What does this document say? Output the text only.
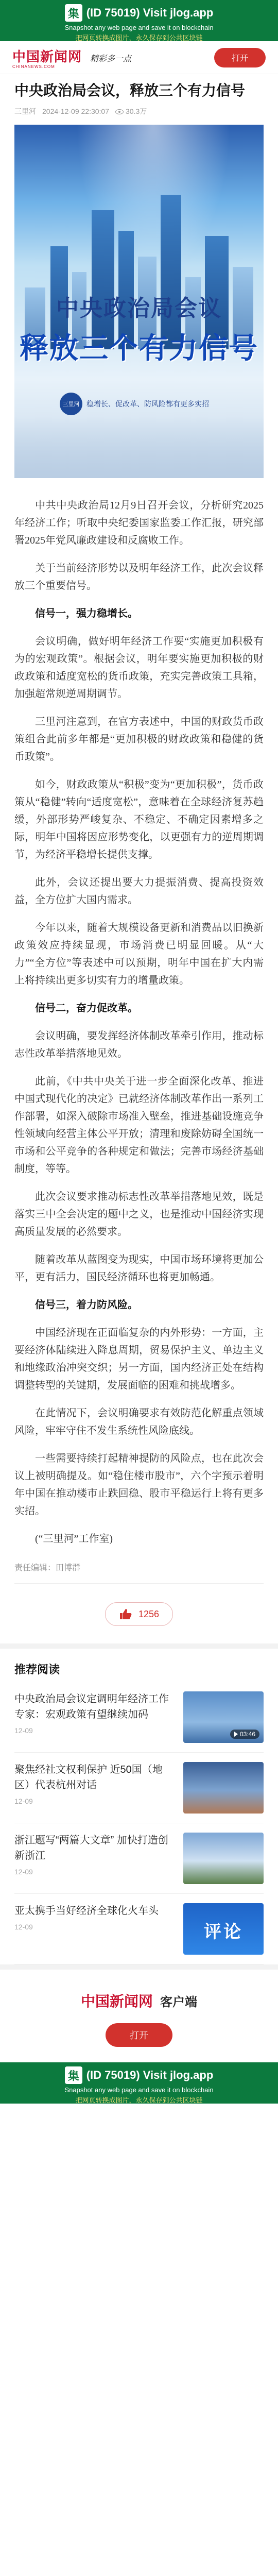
集 (ID 75019) Visit jlog.app
Snapshot any web page and save it on blockchain
把网页转换成图片，永久保存到公共区块链
中国新闻网
CHINANEWS.COM
精彩多一点	打开
中央政治局会议，释放三个有力信号
三里河 2024-12-09 22:30:07	30.3万
中央政治局会议
释放三个有力信号
三里河 稳增长、促改革、防风险都有更多实招

中共中央政治局12月9日召开会议，分析研究2025年经济工作；听取中央纪委国家监委工作汇报，研究部署2025年党风廉政建设和反腐败工作。

关于当前经济形势以及明年经济工作，此次会议释放三个重要信号。

信号一，强力稳增长。

会议明确，做好明年经济工作要“实施更加积极有为的宏观政策”。根据会议，明年要实施更加积极的财政政策和适度宽松的货币政策，充实完善政策工具箱，加强超常规逆周期调节。

三里河注意到，在官方表述中，中国的财政货币政策组合此前多年都是“更加积极的财政政策和稳健的货币政策”。

如今，财政政策从“积极”变为“更加积极”，货币政策从“稳健”转向“适度宽松”，意味着在全球经济复苏趋缓，外部形势严峻复杂、不稳定、不确定因素增多之际，明年中国将因应形势变化，以更强有力的逆周期调节，为经济平稳增长提供支撑。

此外，会议还提出要大力提振消费、提高投资效益，全方位扩大国内需求。

今年以来，随着大规模设备更新和消费品以旧换新政策效应持续显现，市场消费已明显回暖。从“大力”“全方位”等表述中可以预期，明年中国在扩大内需上将持续出更多切实有力的增量政策。

信号二，奋力促改革。

会议明确，要发挥经济体制改革牵引作用，推动标志性改革举措落地见效。

此前，《中共中央关于进一步全面深化改革、推进中国式现代化的决定》已就经济体制改革作出一系列工作部署，如深入破除市场准入壁垒，推进基础设施竞争性领域向经营主体公平开放；清理和废除妨碍全国统一市场和公平竞争的各种规定和做法；完善市场经济基础制度，等等。

此次会议要求推动标志性改革举措落地见效，既是落实三中全会决定的题中之义，也是推动中国经济实现高质量发展的必然要求。

随着改革从蓝图变为现实，中国市场环境将更加公平，更有活力，国民经济循环也将更加畅通。

信号三，着力防风险。

中国经济现在正面临复杂的内外形势：一方面，主要经济体陆续进入降息周期，贸易保护主义、单边主义和地缘政治冲突交织；另一方面，国内经济正处在结构调整转型的关键期，发展面临的困难和挑战增多。

在此情况下，会议明确要求有效防范化解重点领域风险，牢牢守住不发生系统性风险底线。

一些需要持续打起精神提防的风险点，也在此次会议上被明确提及。如“稳住楼市股市”，六个字预示着明年中国在推动楼市止跌回稳、股市平稳运行上将有更多实招。

(“三里河”工作室)

责任编辑：田博群
1256
推荐阅读
中央政治局会议定调明年经济工作 专家：宏观政策有望继续加码
12-09	03:46
聚焦经社文权利保护 近50国（地区）代表杭州对话
12-09
浙江题写“两篇大文章” 加快打造创新浙江
12-09
亚太携手当好经济全球化火车头
12-09	评论
中国新闻网 客户端
打开
集 (ID 75019) Visit jlog.app
Snapshot any web page and save it on blockchain
把网页转换成图片，永久保存到公共区块链
